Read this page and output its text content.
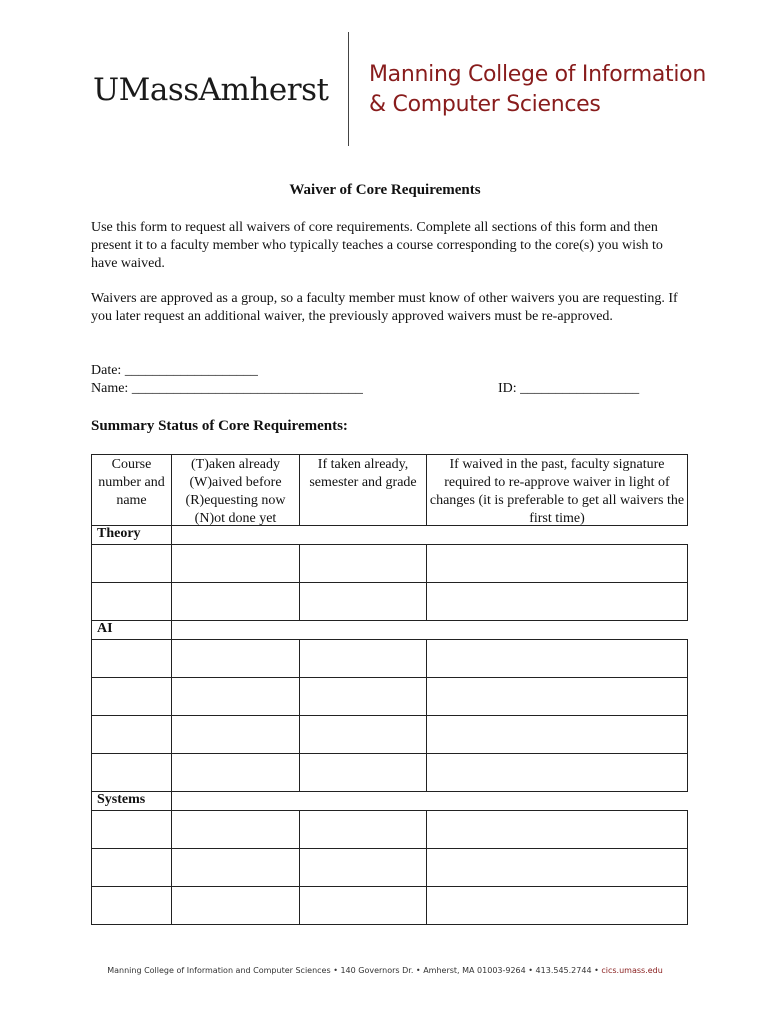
UMassAmherst Manning College of Information
& Computer Sciences
Waiver of Core Requirements

Use this form to request all waivers of core requirements. Complete all sections of this form and then present it to a faculty member who typically teaches a course corresponding to the core(s) you wish to have waived.

Waivers are approved as a group, so a faculty member must know of other waivers you are requesting. If you later request an additional waiver, the previously approved waivers must be re-approved.

Date: ___________________
Name: _________________________________	ID: _________________
Summary Status of Core Requirements:
Course number and name
(T)aken already (W)aived before (R)equesting now (N)ot done yet
If taken already, semester and grade
If waived in the past, faculty signature required to re-approve waiver in light of changes (it is preferable to get all waivers the first time)
Theory
AI
Systems
Manning College of Information and Computer Sciences • 140 Governors Dr. • Amherst, MA 01003-9264 • 413.545.2744 • cics.umass.edu
